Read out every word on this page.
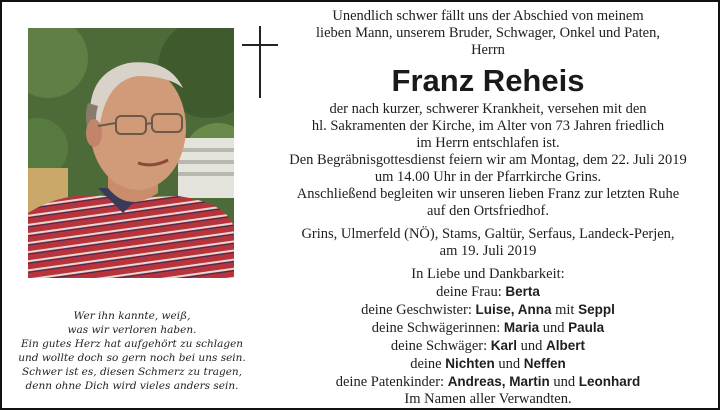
Wer ihn kannte, weiß,
was wir verloren haben.
Ein gutes Herz hat aufgehört zu schlagen
und wollte doch so gern noch bei uns sein.
Schwer ist es, diesen Schmerz zu tragen,
denn ohne Dich wird vieles anders sein.
Unendlich schwer fällt uns der Abschied von meinem
lieben Mann, unserem Bruder, Schwager, Onkel und Paten,
Herrn
Franz Reheis
der nach kurzer, schwerer Krankheit, versehen mit den
hl. Sakramenten der Kirche, im Alter von 73 Jahren friedlich
im Herrn entschlafen ist.
Den Begräbnisgottesdienst feiern wir am Montag, dem 22. Juli 2019
um 14.00 Uhr in der Pfarrkirche Grins.
Anschließend begleiten wir unseren lieben Franz zur letzten Ruhe
auf den Ortsfriedhof.
Grins, Ulmerfeld (NÖ), Stams, Galtür, Serfaus, Landeck-Perjen,
am 19. Juli 2019
In Liebe und Dankbarkeit:
deine Frau: Berta
deine Geschwister: Luise, Anna mit Seppl
deine Schwägerinnen: Maria und Paula
deine Schwäger: Karl und Albert
deine Nichten und Neffen
deine Patenkinder: Andreas, Martin und Leonhard
Im Namen aller Verwandten.
